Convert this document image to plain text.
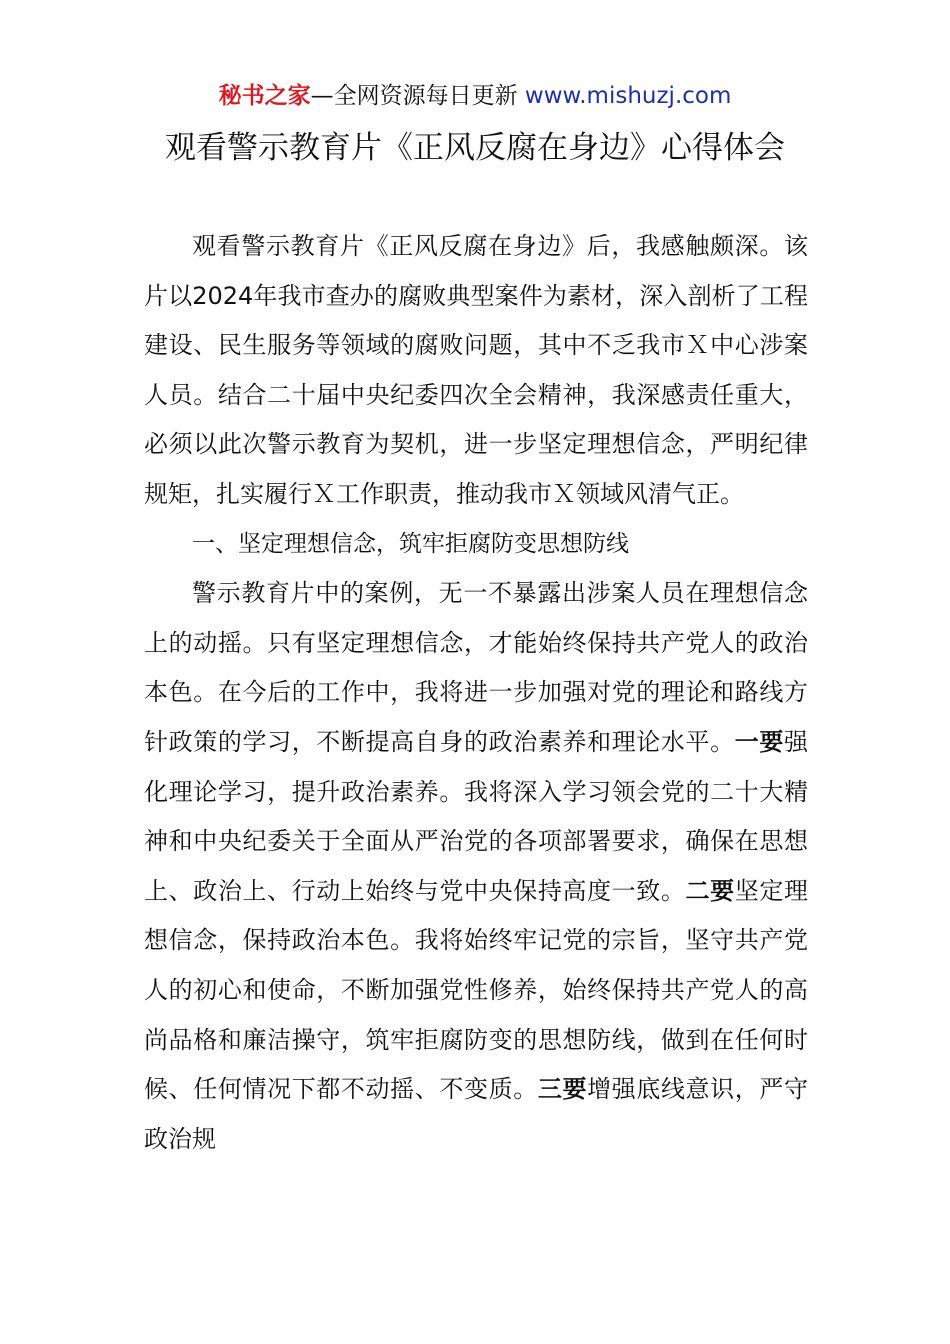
秘书之家—全网资源每日更新 www.mishuzj.com
观看警示教育片《正风反腐在身边》心得体会

观看警示教育片《正风反腐在身边》后，我感触颇深。该片以2024年我市查办的腐败典型案件为素材，深入剖析了工程建设、民生服务等领域的腐败问题，其中不乏我市Ｘ中心涉案人员。结合二十届中央纪委四次全会精神，我深感责任重大，必须以此次警示教育为契机，进一步坚定理想信念，严明纪律规矩，扎实履行Ｘ工作职责，推动我市Ｘ领域风清气正。

一、坚定理想信念，筑牢拒腐防变思想防线

警示教育片中的案例，无一不暴露出涉案人员在理想信念上的动摇。只有坚定理想信念，才能始终保持共产党人的政治本色。在今后的工作中，我将进一步加强对党的理论和路线方针政策的学习，不断提高自身的政治素养和理论水平。一要强化理论学习，提升政治素养。我将深入学习领会党的二十大精神和中央纪委关于全面从严治党的各项部署要求，确保在思想上、政治上、行动上始终与党中央保持高度一致。二要坚定理想信念，保持政治本色。我将始终牢记党的宗旨，坚守共产党人的初心和使命，不断加强党性修养，始终保持共产党人的高尚品格和廉洁操守，筑牢拒腐防变的思想防线，做到在任何时候、任何情况下都不动摇、不变质。三要增强底线意识，严守政治规
